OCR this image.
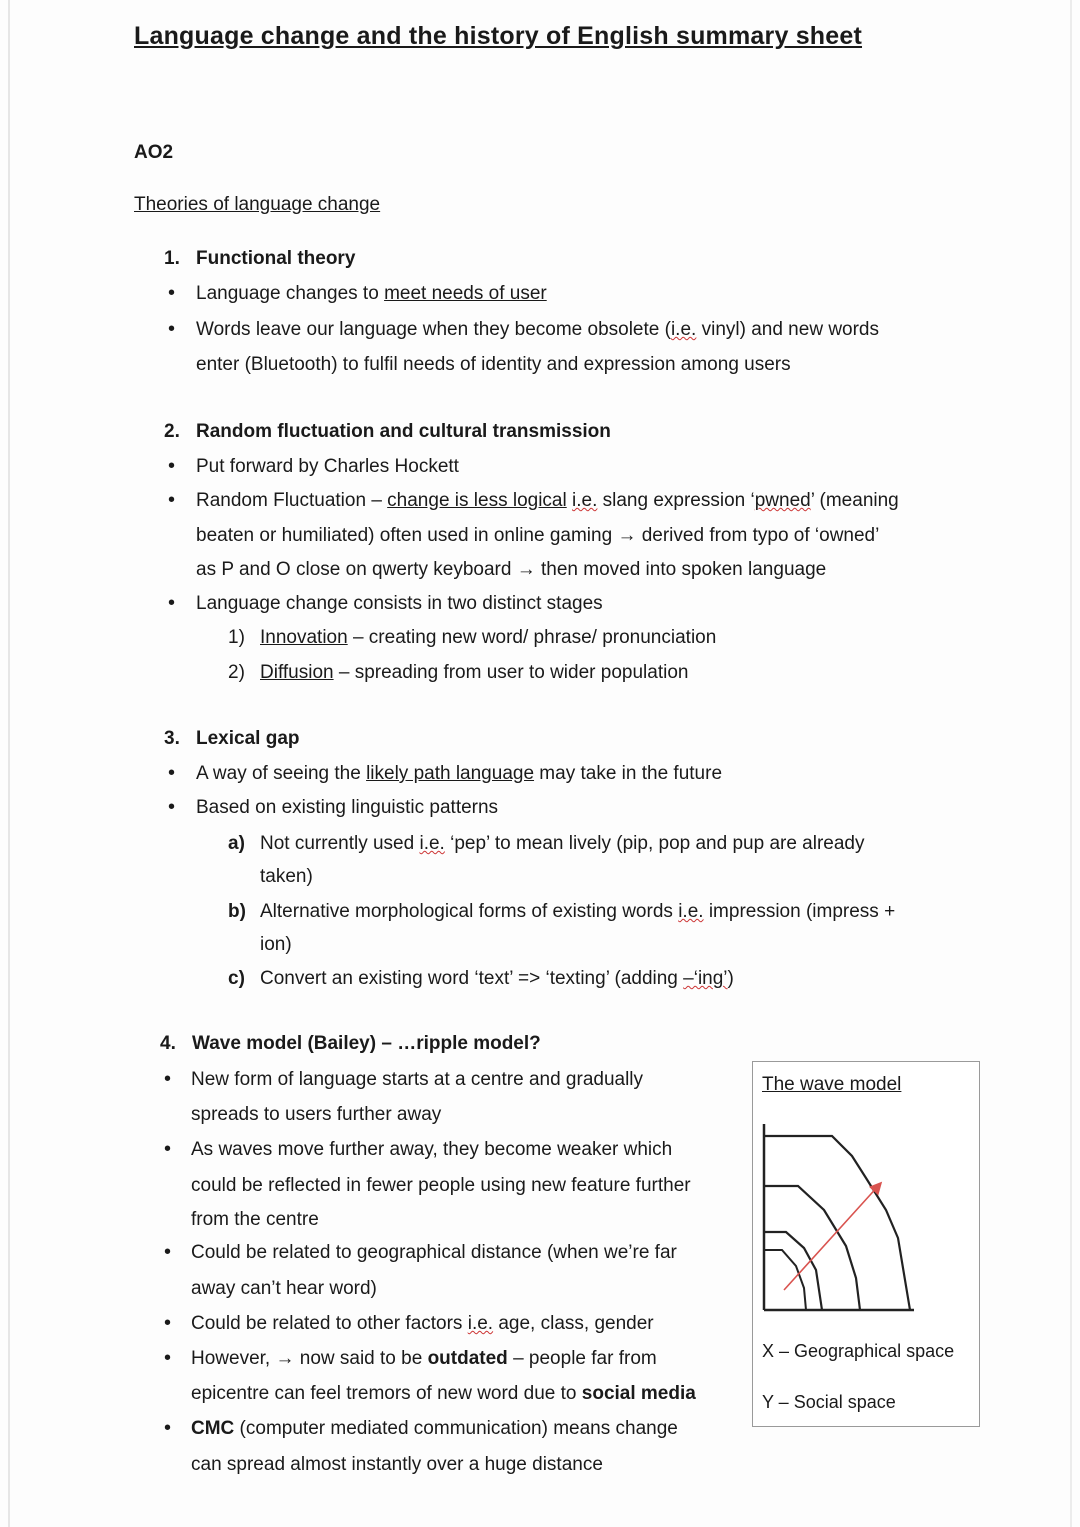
Language change and the history of English summary sheet
AO2
Theories of language change
1. Functional theory
• Language changes to meet needs of user
• Words leave our language when they become obsolete (i.e. vinyl) and new words
enter (Bluetooth) to fulfil needs of identity and expression among users
2. Random fluctuation and cultural transmission
• Put forward by Charles Hockett
• Random Fluctuation – change is less logical i.e. slang expression ‘pwned’ (meaning
beaten or humiliated) often used in online gaming → derived from typo of ‘owned’
as P and O close on qwerty keyboard → then moved into spoken language
• Language change consists in two distinct stages
1) Innovation – creating new word/ phrase/ pronunciation
2) Diffusion – spreading from user to wider population
3. Lexical gap
• A way of seeing the likely path language may take in the future
• Based on existing linguistic patterns
a) Not currently used i.e. ‘pep’ to mean lively (pip, pop and pup are already
taken)
b) Alternative morphological forms of existing words i.e. impression (impress +
ion)
c) Convert an existing word ‘text’ => ‘texting’ (adding –‘ing’)
4. Wave model (Bailey) – …ripple model?
• New form of language starts at a centre and gradually
spreads to users further away
• As waves move further away, they become weaker which
could be reflected in fewer people using new feature further
from the centre
• Could be related to geographical distance (when we’re far
away can’t hear word)
• Could be related to other factors i.e. age, class, gender
• However, → now said to be outdated – people far from
epicentre can feel tremors of new word due to social media
• CMC (computer mediated communication) means change
can spread almost instantly over a huge distance
The wave model
X – Geographical space
Y – Social space
